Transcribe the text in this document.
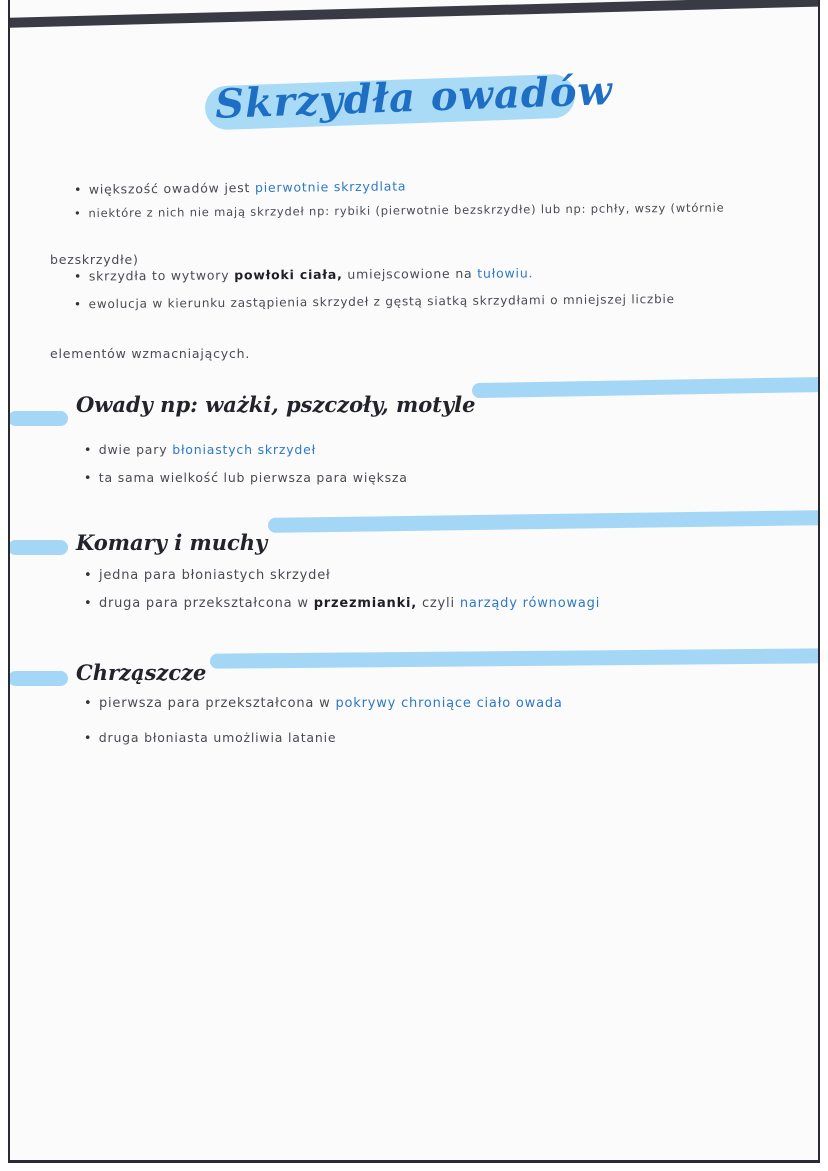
Skrzydła owadów
• większość owadów jest pierwotnie skrzydlata
• niektóre z nich nie mają skrzydeł np: rybiki (pierwotnie bezskrzydłe) lub np: pchły, wszy (wtórnie
bezskrzydłe)
• skrzydła to wytwory powłoki ciała, umiejscowione na tułowiu.
• ewolucja w kierunku zastąpienia skrzydeł z gęstą siatką skrzydłami o mniejszej liczbie
elementów wzmacniających.
Owady np: ważki, pszczoły, motyle
• dwie pary błoniastych skrzydeł
• ta sama wielkość lub pierwsza para większa
Komary i muchy
• jedna para błoniastych skrzydeł
• druga para przekształcona w przezmianki, czyli narządy równowagi
Chrząszcze
• pierwsza para przekształcona w pokrywy chroniące ciało owada
• druga błoniasta umożliwia latanie
